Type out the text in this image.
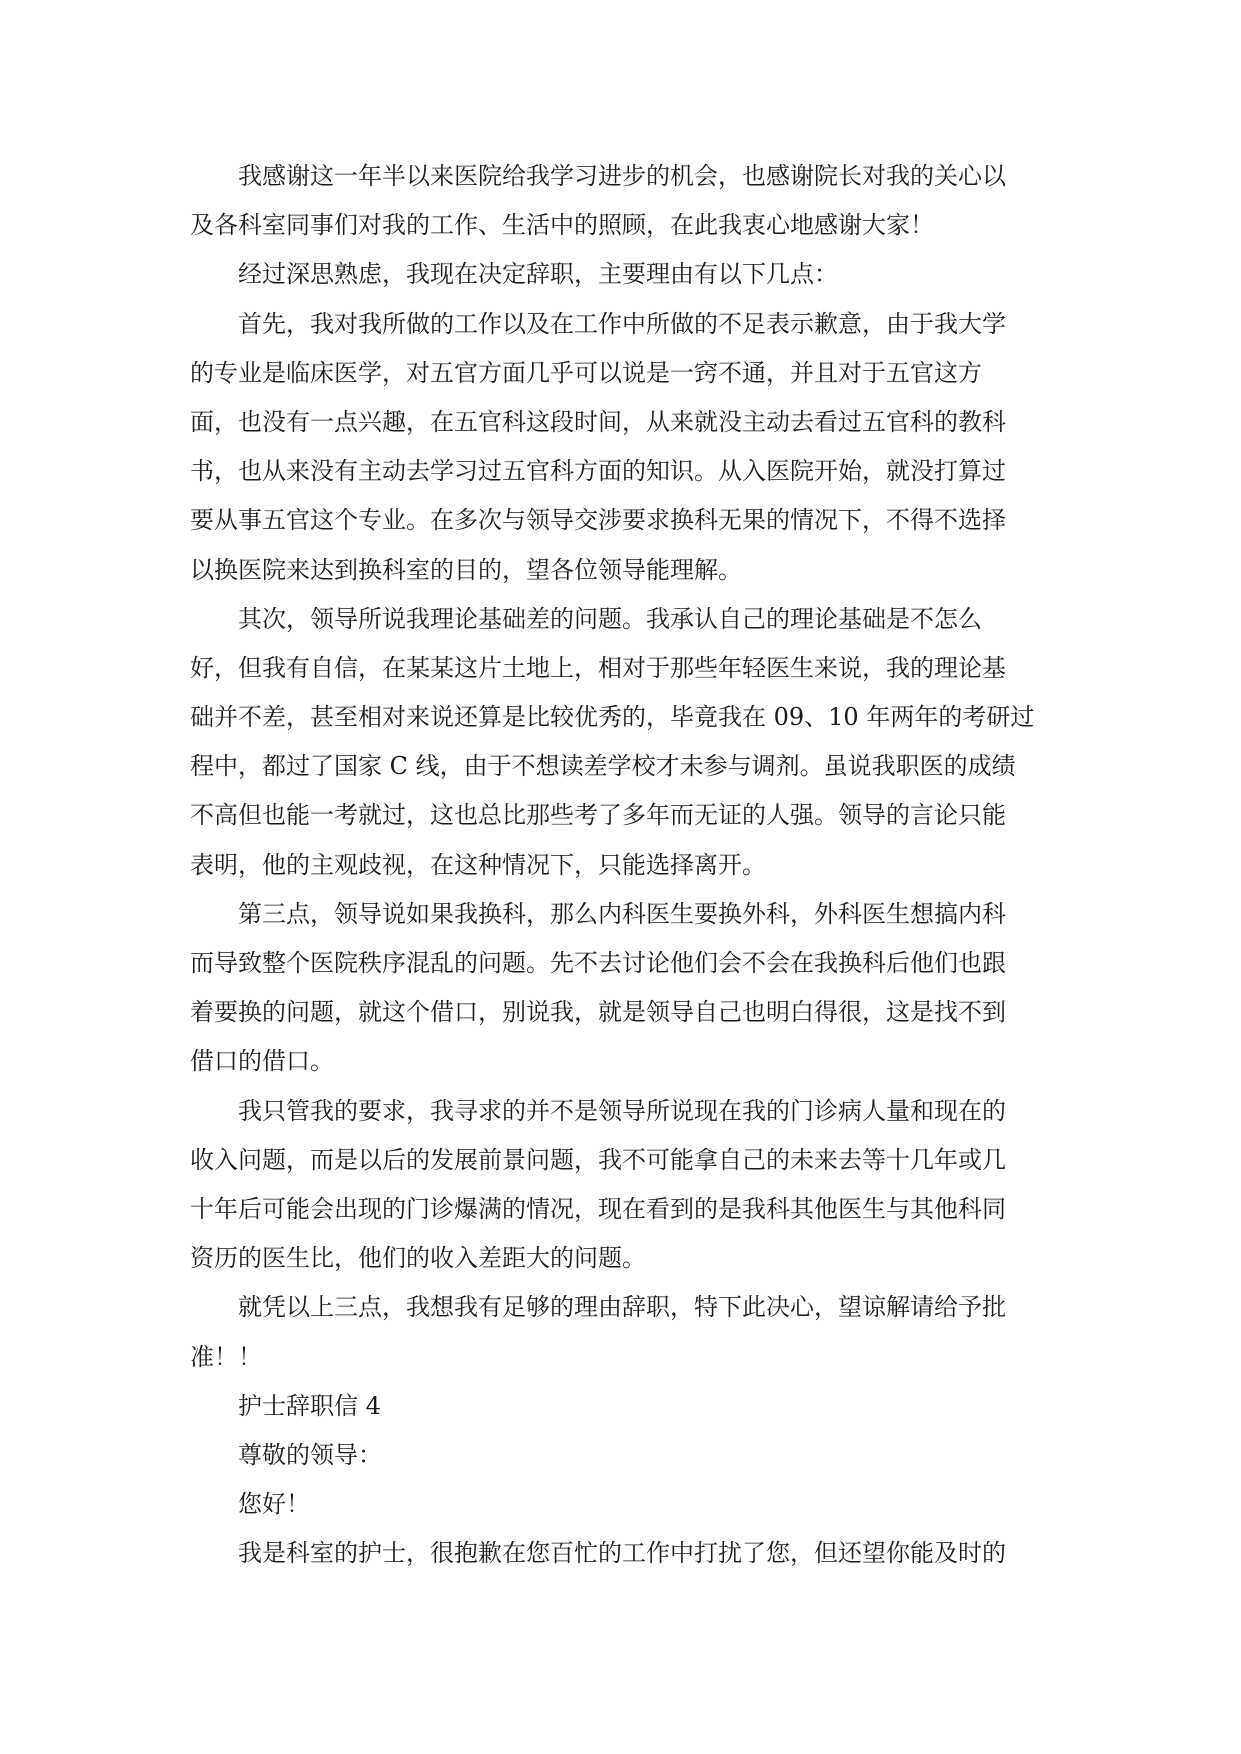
我感谢这一年半以来医院给我学习进步的机会，也感谢院长对我的关心以
及各科室同事们对我的工作、生活中的照顾，在此我衷心地感谢大家！
经过深思熟虑，我现在决定辞职，主要理由有以下几点：
首先，我对我所做的工作以及在工作中所做的不足表示歉意，由于我大学
的专业是临床医学，对五官方面几乎可以说是一窍不通，并且对于五官这方
面，也没有一点兴趣，在五官科这段时间，从来就没主动去看过五官科的教科
书，也从来没有主动去学习过五官科方面的知识。从入医院开始，就没打算过
要从事五官这个专业。在多次与领导交涉要求换科无果的情况下，不得不选择
以换医院来达到换科室的目的，望各位领导能理解。
其次，领导所说我理论基础差的问题。我承认自己的理论基础是不怎么
好，但我有自信，在某某这片土地上，相对于那些年轻医生来说，我的理论基
础并不差，甚至相对来说还算是比较优秀的，毕竟我在 09、10 年两年的考研过
程中，都过了国家 C 线，由于不想读差学校才未参与调剂。虽说我职医的成绩
不高但也能一考就过，这也总比那些考了多年而无证的人强。领导的言论只能
表明，他的主观歧视，在这种情况下，只能选择离开。
第三点，领导说如果我换科，那么内科医生要换外科，外科医生想搞内科
而导致整个医院秩序混乱的问题。先不去讨论他们会不会在我换科后他们也跟
着要换的问题，就这个借口，别说我，就是领导自己也明白得很，这是找不到
借口的借口。
我只管我的要求，我寻求的并不是领导所说现在我的门诊病人量和现在的
收入问题，而是以后的发展前景问题，我不可能拿自己的未来去等十几年或几
十年后可能会出现的门诊爆满的情况，现在看到的是我科其他医生与其他科同
资历的医生比，他们的收入差距大的问题。
就凭以上三点，我想我有足够的理由辞职，特下此决心，望谅解请给予批
准！！
护士辞职信 4
尊敬的领导：
您好！
我是科室的护士，很抱歉在您百忙的工作中打扰了您，但还望你能及时的
